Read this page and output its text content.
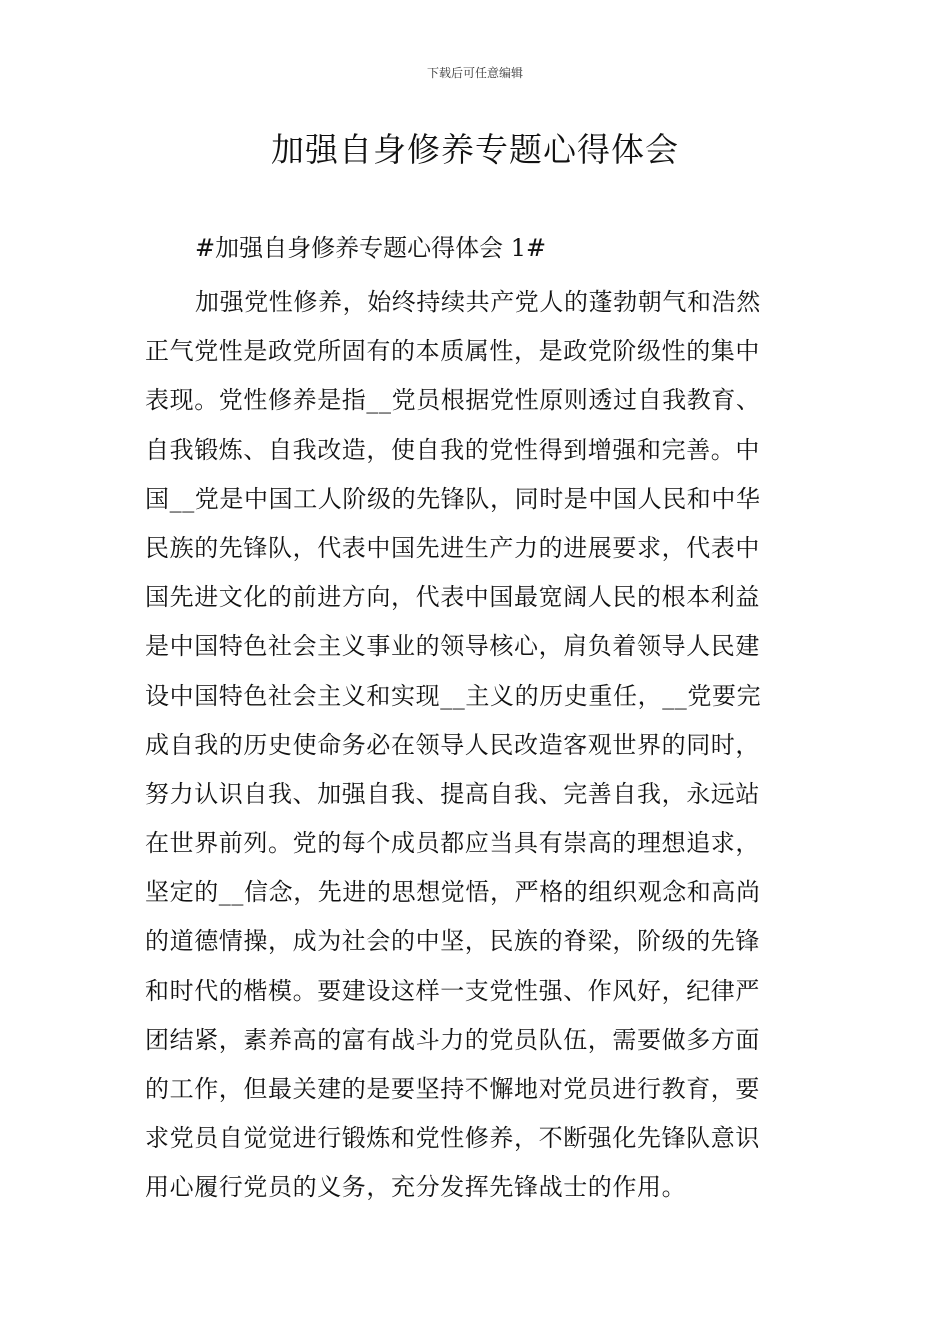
下载后可任意编辑
加强自身修养专题心得体会
#加强自身修养专题心得体会 1#
加强党性修养，始终持续共产党人的蓬勃朝气和浩然
正气党性是政党所固有的本质属性，是政党阶级性的集中
表现。党性修养是指__党员根据党性原则透过自我教育、
自我锻炼、自我改造，使自我的党性得到增强和完善。中
国__党是中国工人阶级的先锋队，同时是中国人民和中华
民族的先锋队，代表中国先进生产力的进展要求，代表中
国先进文化的前进方向，代表中国最宽阔人民的根本利益
是中国特色社会主义事业的领导核心，肩负着领导人民建
设中国特色社会主义和实现__主义的历史重任，__党要完
成自我的历史使命务必在领导人民改造客观世界的同时，
努力认识自我、加强自我、提高自我、完善自我，永远站
在世界前列。党的每个成员都应当具有崇高的理想追求，
坚定的__信念，先进的思想觉悟，严格的组织观念和高尚
的道德情操，成为社会的中坚，民族的脊梁，阶级的先锋
和时代的楷模。要建设这样一支党性强、作风好，纪律严
团结紧，素养高的富有战斗力的党员队伍，需要做多方面
的工作，但最关建的是要坚持不懈地对党员进行教育，要
求党员自觉觉进行锻炼和党性修养，不断强化先锋队意识
用心履行党员的义务，充分发挥先锋战士的作用。
